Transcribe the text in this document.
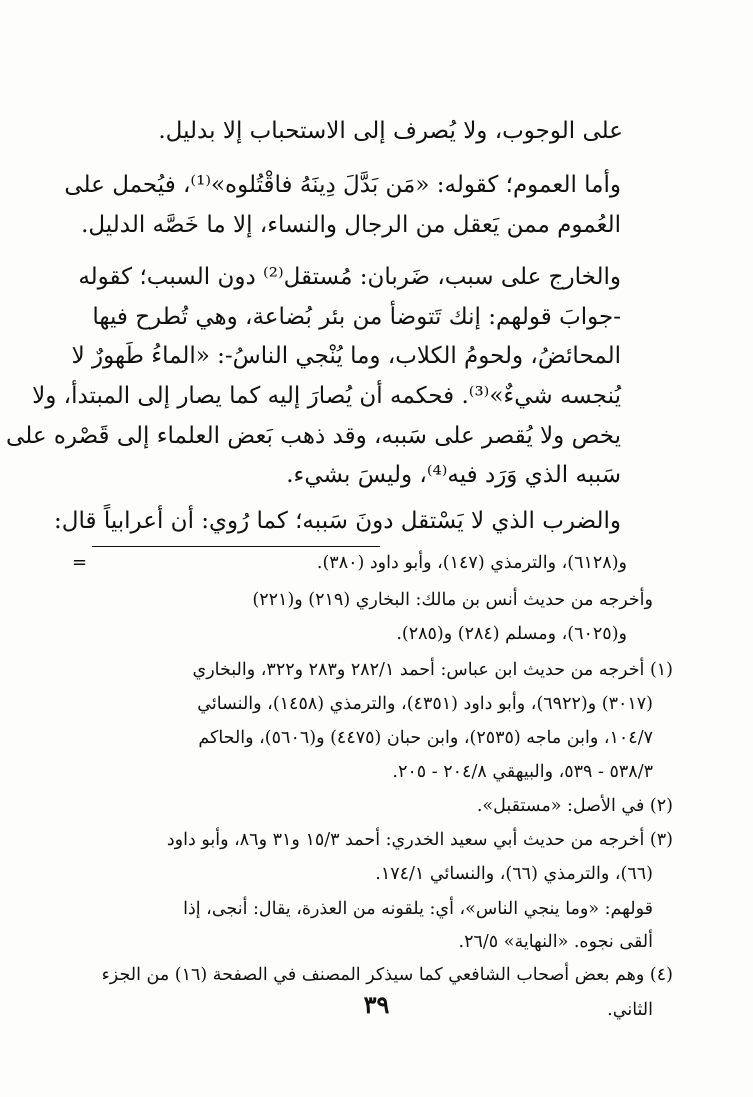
على الوجوب، ولا يُصرف إلى الاستحباب إلا بدليل.
وأما العموم؛ كقوله: «مَن بَدَّلَ دِينَهُ فاقْتُلوه»⁽¹⁾، فيُحمل على
العُموم ممن يَعقل من الرجال والنساء، إلا ما خَصَّه الدليل.
والخارج على سبب، ضَربان: مُستقل⁽²⁾ دون السبب؛ كقوله
-جوابَ قولهم: إنك تَتوضأ من بئر بُضاعة، وهي تُطرح فيها
المحائضُ، ولحومُ الكلاب، وما يُنْجي الناسُ-: «الماءُ طَهورٌ لا
يُنجسه شيءٌ»⁽³⁾. فحكمه أن يُصارَ إليه كما يصار إلى المبتدأ، ولا
يخص ولا يُقصر على سَببه، وقد ذهب بَعض العلماء إلى قَصْره على
سَببه الذي وَرَد فيه⁽⁴⁾، وليسَ بشيء.
والضرب الذي لا يَسْتقل دونَ سَببه؛ كما رُوي: أن أعرابياً قال:
=	و(٦١٢٨)، والترمذي (١٤٧)، وأبو داود (٣٨٠).
وأخرجه من حديث أنس بن مالك: البخاري (٢١٩) و(٢٢١)
و(٦٠٢٥)، ومسلم (٢٨٤) و(٢٨٥).
(١) أخرجه من حديث ابن عباس: أحمد ٢٨٢/١ و٢٨٣ و٣٢٢، والبخاري
(٣٠١٧) و(٦٩٢٢)، وأبو داود (٤٣٥١)، والترمذي (١٤٥٨)، والنسائي
١٠٤/٧، وابن ماجه (٢٥٣٥)، وابن حبان (٤٤٧٥) و(٥٦٠٦)، والحاكم
٥٣٨/٣ - ٥٣٩، والبيهقي ٢٠٤/٨ - ٢٠٥.
(٢) في الأصل: «مستقبل».
(٣) أخرجه من حديث أبي سعيد الخدري: أحمد ١٥/٣ و٣١ و٨٦، وأبو داود
(٦٦)، والترمذي (٦٦)، والنسائي ١٧٤/١.
قولهم: «وما ينجي الناس»، أي: يلقونه من العذرة، يقال: أنجى، إذا
ألقى نجوه. «النهاية» ٢٦/٥.
(٤) وهم بعض أصحاب الشافعي كما سيذكر المصنف في الصفحة (١٦) من الجزء
الثاني.
٣٩
